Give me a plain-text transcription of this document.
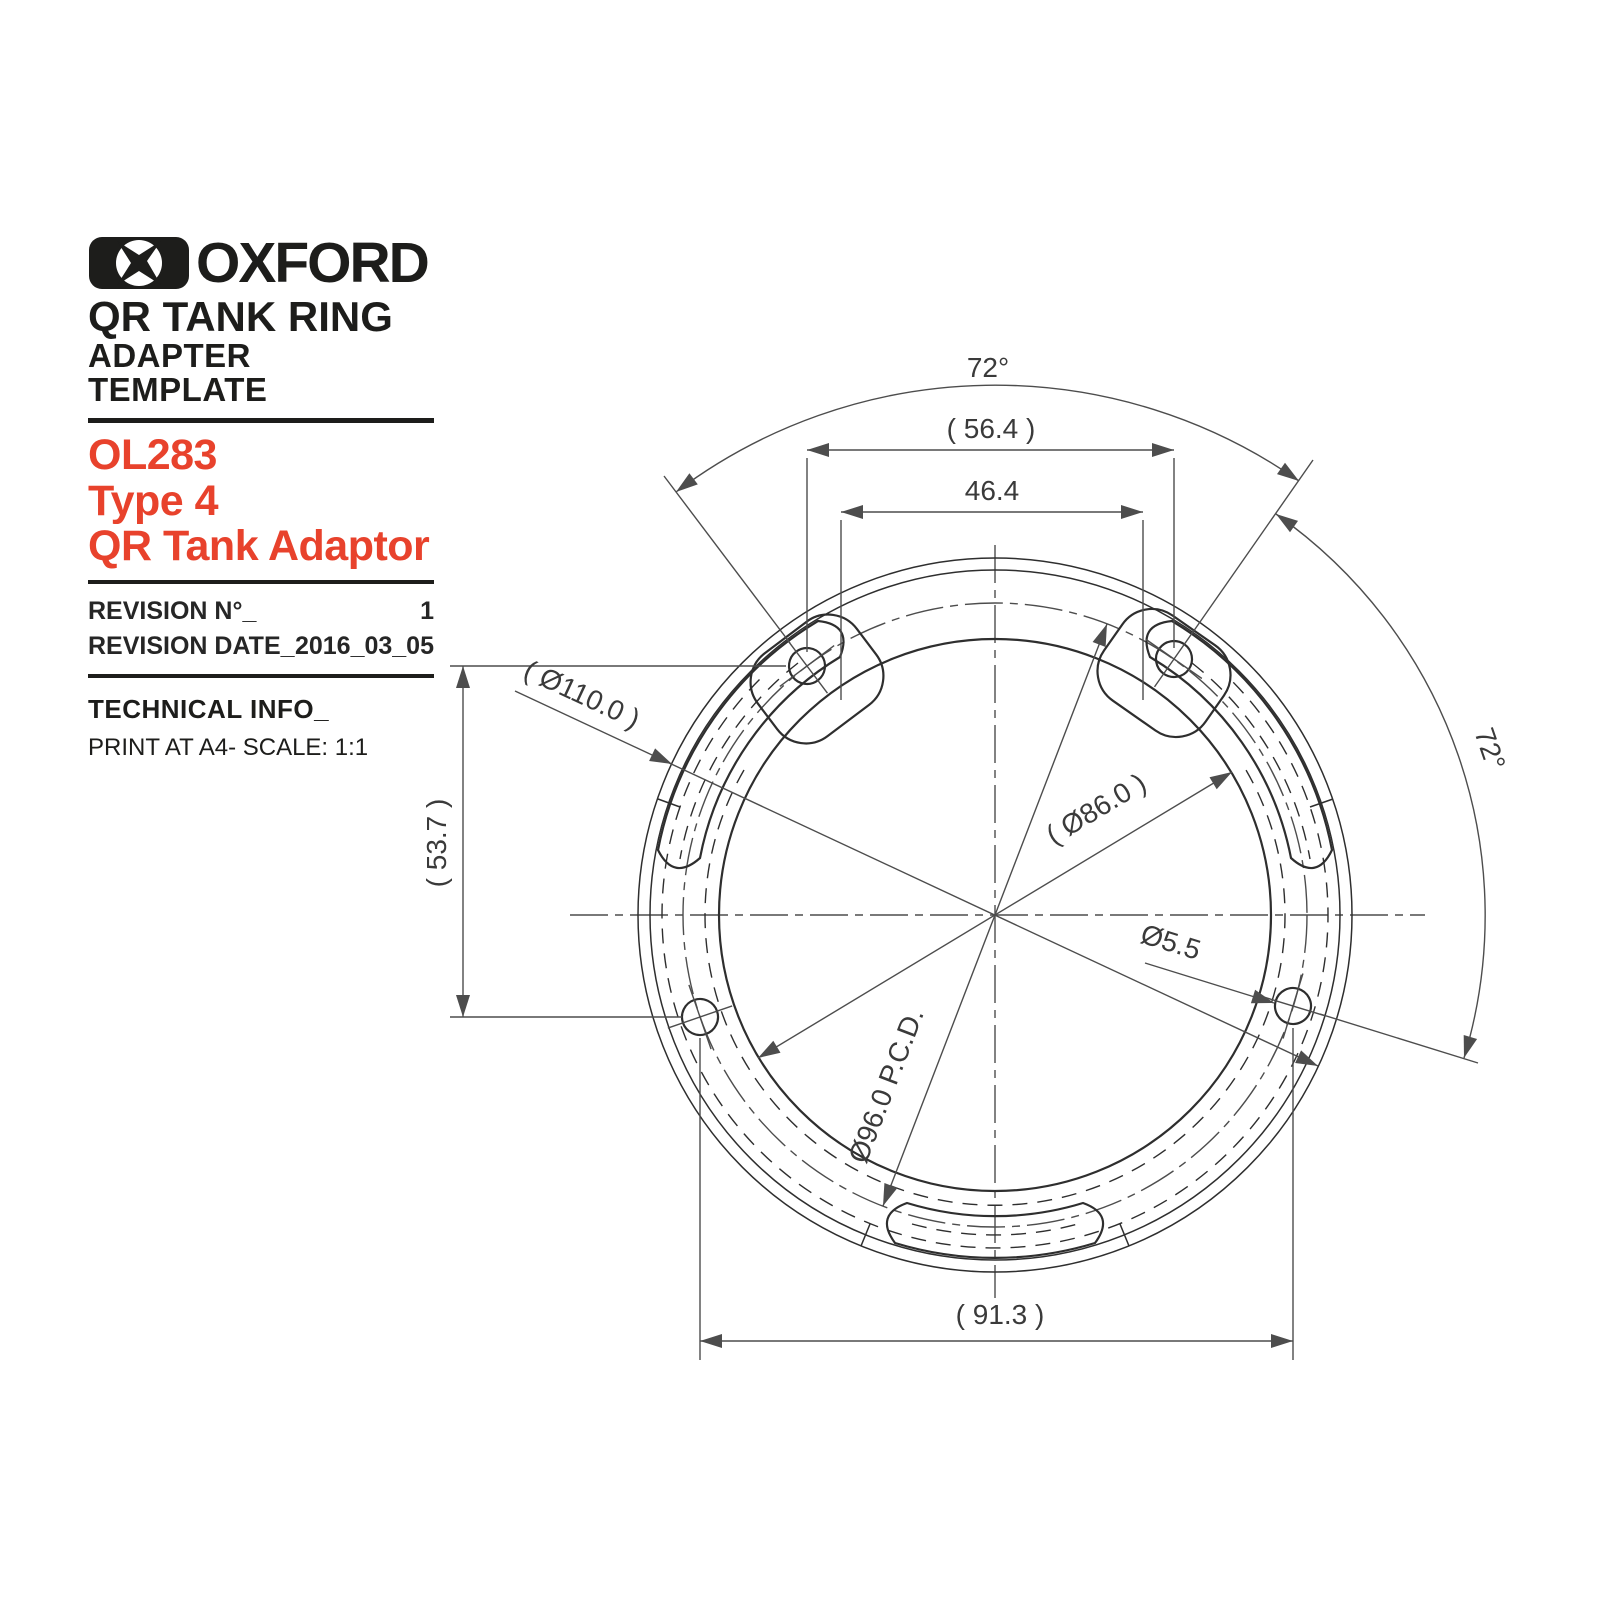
OXFORD
QR TANK RING
ADAPTER TEMPLATE
OL283
Type 4
QR Tank Adaptor
REVISION N°_	1
REVISION DATE_ 2016_03_05
TECHNICAL INFO_
PRINT AT A4- SCALE: 1:1
( 56.4 )
46.4
( 53.7 )
( 91.3 )
( Ø110.0 )
( Ø86.0 )
Ø96.0 P.C.D.
Ø5.5
72°
72°
